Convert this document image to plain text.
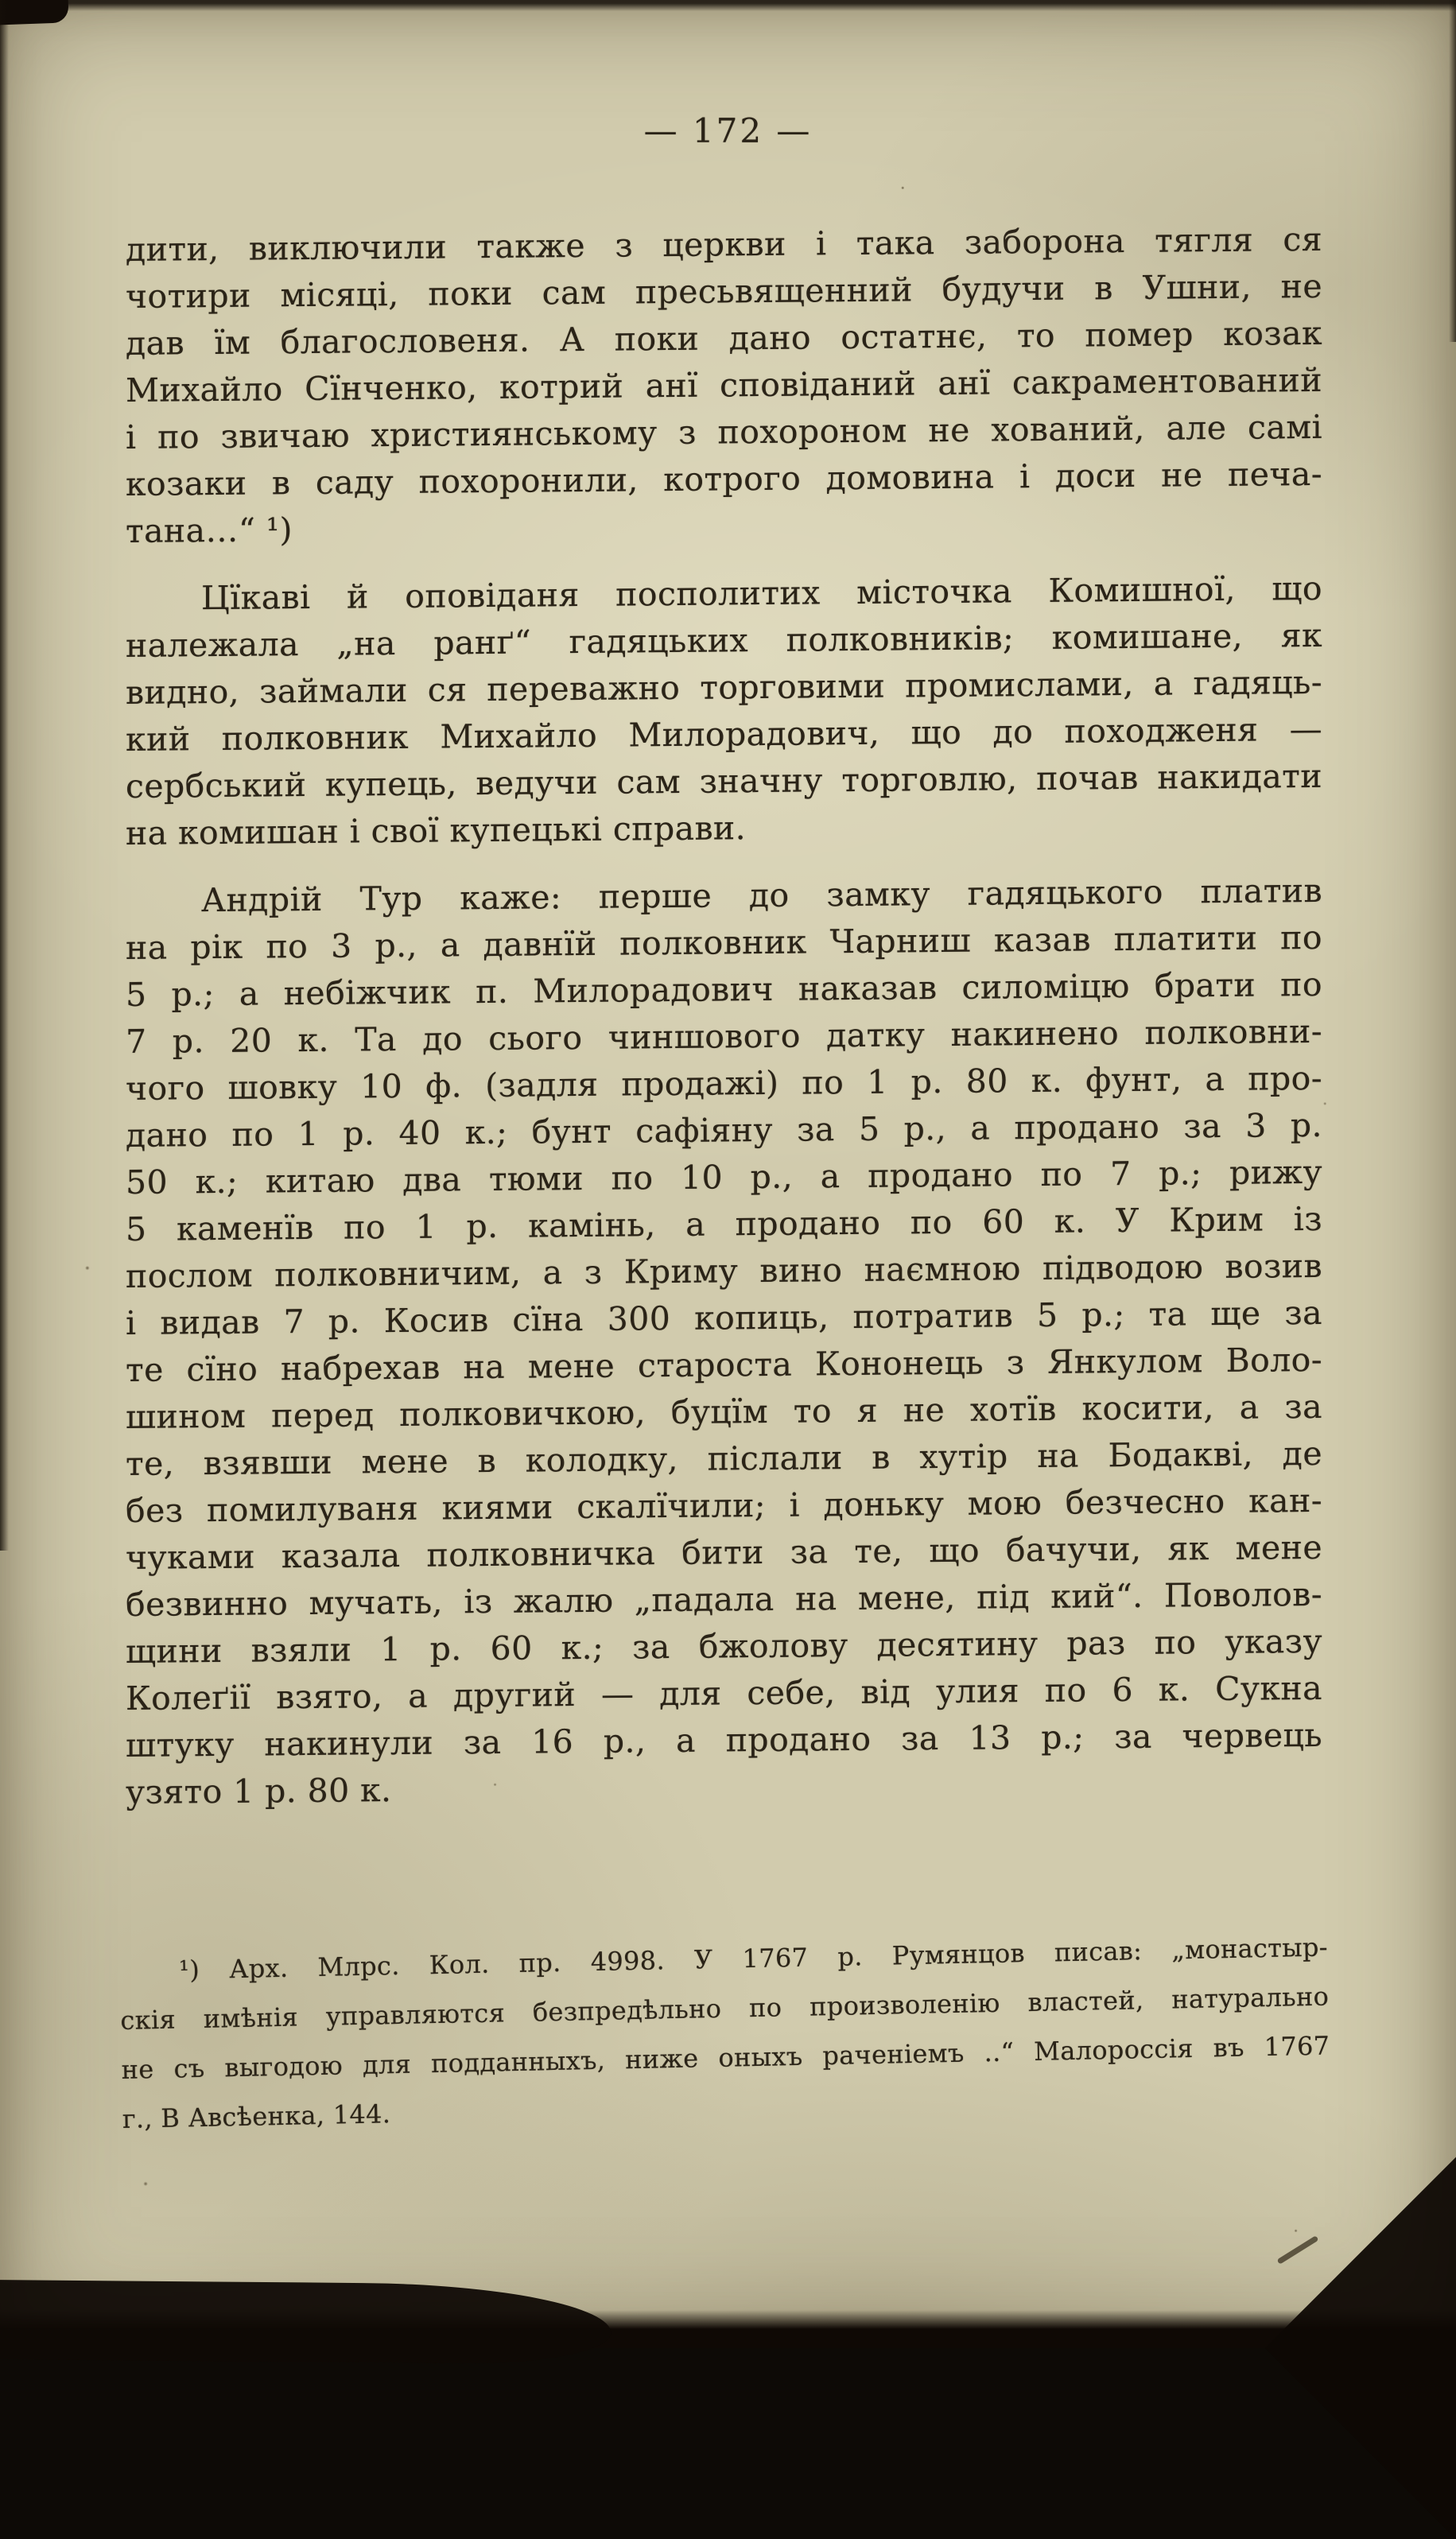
— 172 —
дити, виключили также з церкви і така заборона тягля ся
чотири місяці, поки сам пресьвященний будучи в Ушни, не
дав їм благословеня. А поки дано остатнє, то помер козак
Михайло Сїнченко, котрий анї сповіданий анї сакраментований
і по звичаю християнському з похороном не хований, але самі
козаки в саду похоронили, котрого домовина і доси не печа-
тана…“ ¹)
Цїкаві й оповіданя посполитих місточка Комишної, що
належала „на ранґ“ гадяцьких полковників; комишане, як
видно, займали ся переважно торговими промислами, а гадяць-
кий полковник Михайло Милорадович, що до походженя —
сербський купець, ведучи сам значну торговлю, почав накидати
на комишан і свої купецькі справи.
Андрій Тур каже: перше до замку гадяцького платив
на рік по 3 р., а давнїй полковник Чарниш казав платити по
5 р.; а небіжчик п. Милорадович наказав силоміцю брати по
7 р. 20 к. Та до сього чиншового датку накинено полковни-
чого шовку 10 ф. (задля продажі) по 1 р. 80 к. фунт, а про-
дано по 1 р. 40 к.; бунт сафіяну за 5 р., а продано за 3 р.
50 к.; китаю два тюми по 10 р., а продано по 7 р.; рижу
5 каменїв по 1 р. камінь, а продано по 60 к. У Крим із
послом полковничим, а з Криму вино наємною підводою возив
і видав 7 р. Косив сїна 300 копиць, потратив 5 р.; та ще за
те сїно набрехав на мене староста Кононець з Янкулом Воло-
шином перед полковичкою, буцїм то я не хотїв косити, а за
те, взявши мене в колодку, післали в хутір на Бодакві, де
без помилуваня киями скалїчили; і доньку мою безчесно кан-
чуками казала полковничка бити за те, що бачучи, як мене
безвинно мучать, із жалю „падала на мене, під кий“. Поволов-
щини взяли 1 р. 60 к.; за бжолову десятину раз по указу
Колеґії взято, а другий — для себе, від улия по 6 к. Сукна
штуку накинули за 16 р., а продано за 13 р.; за червець
узято 1 р. 80 к.
¹) Арх. Млрс. Кол. пр. 4998. У 1767 р. Румянцов писав: „монастыр-
скія имѣнія управляются безпредѣльно по произволенію властей, натурально
не съ выгодою для подданныхъ, ниже оныхъ раченіемъ ..“ Малороссія въ 1767
г., В Авсѣенка, 144.
